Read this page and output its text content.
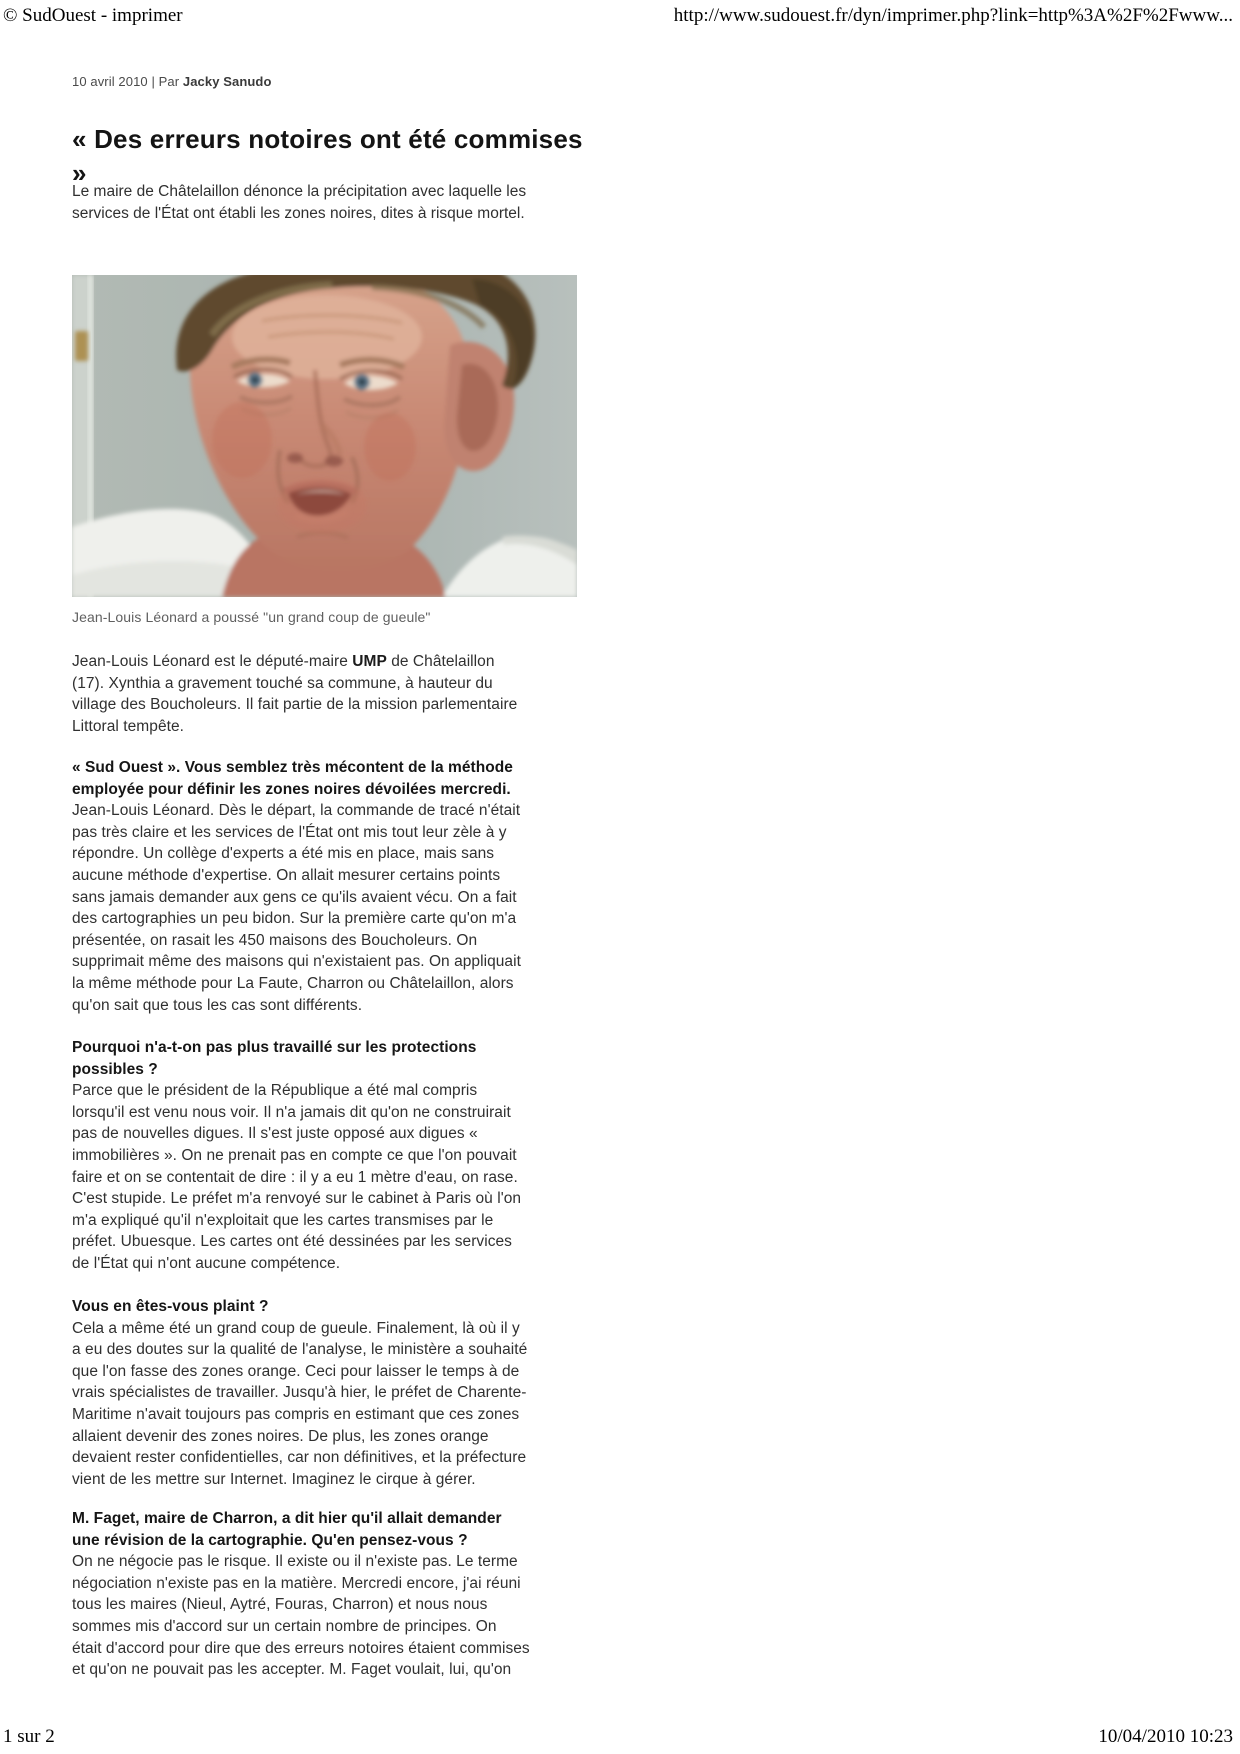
© SudOuest - imprimer	http://www.sudouest.fr/dyn/imprimer.php?link=http%3A%2F%2Fwww...
10 avril 2010 | Par Jacky Sanudo
« Des erreurs notoires ont été commises
»

Le maire de Châtelaillon dénonce la précipitation avec laquelle les services de l'État ont établi les zones noires, dites à risque mortel.

Jean-Louis Léonard a poussé "un grand coup de gueule"

Jean-Louis Léonard est le député-maire UMP de Châtelaillon (17). Xynthia a gravement touché sa commune, à hauteur du village des Boucholeurs. Il fait partie de la mission parlementaire Littoral tempête.

« Sud Ouest ». Vous semblez très mécontent de la méthode employée pour définir les zones noires dévoilées mercredi.

Jean-Louis Léonard. Dès le départ, la commande de tracé n'était pas très claire et les services de l'État ont mis tout leur zèle à y répondre. Un collège d'experts a été mis en place, mais sans aucune méthode d'expertise. On allait mesurer certains points sans jamais demander aux gens ce qu'ils avaient vécu. On a fait des cartographies un peu bidon. Sur la première carte qu'on m'a présentée, on rasait les 450 maisons des Boucholeurs. On supprimait même des maisons qui n'existaient pas. On appliquait la même méthode pour La Faute, Charron ou Châtelaillon, alors qu'on sait que tous les cas sont différents.

Pourquoi n'a-t-on pas plus travaillé sur les protections possibles ?

Parce que le président de la République a été mal compris lorsqu'il est venu nous voir. Il n'a jamais dit qu'on ne construirait pas de nouvelles digues. Il s'est juste opposé aux digues « immobilières ». On ne prenait pas en compte ce que l'on pouvait faire et on se contentait de dire : il y a eu 1 mètre d'eau, on rase. C'est stupide. Le préfet m'a renvoyé sur le cabinet à Paris où l'on m'a expliqué qu'il n'exploitait que les cartes transmises par le préfet. Ubuesque. Les cartes ont été dessinées par les services de l'État qui n'ont aucune compétence.

Vous en êtes-vous plaint ?

Cela a même été un grand coup de gueule. Finalement, là où il y a eu des doutes sur la qualité de l'analyse, le ministère a souhaité que l'on fasse des zones orange. Ceci pour laisser le temps à de vrais spécialistes de travailler. Jusqu'à hier, le préfet de Charente-Maritime n'avait toujours pas compris en estimant que ces zones allaient devenir des zones noires. De plus, les zones orange devaient rester confidentielles, car non définitives, et la préfecture vient de les mettre sur Internet. Imaginez le cirque à gérer.

M. Faget, maire de Charron, a dit hier qu'il allait demander une révision de la cartographie. Qu'en pensez-vous ?

On ne négocie pas le risque. Il existe ou il n'existe pas. Le terme négociation n'existe pas en la matière. Mercredi encore, j'ai réuni tous les maires (Nieul, Aytré, Fouras, Charron) et nous nous sommes mis d'accord sur un certain nombre de principes. On était d'accord pour dire que des erreurs notoires étaient commises et qu'on ne pouvait pas les accepter. M. Faget voulait, lui, qu'on

1 sur 2	10/04/2010 10:23
